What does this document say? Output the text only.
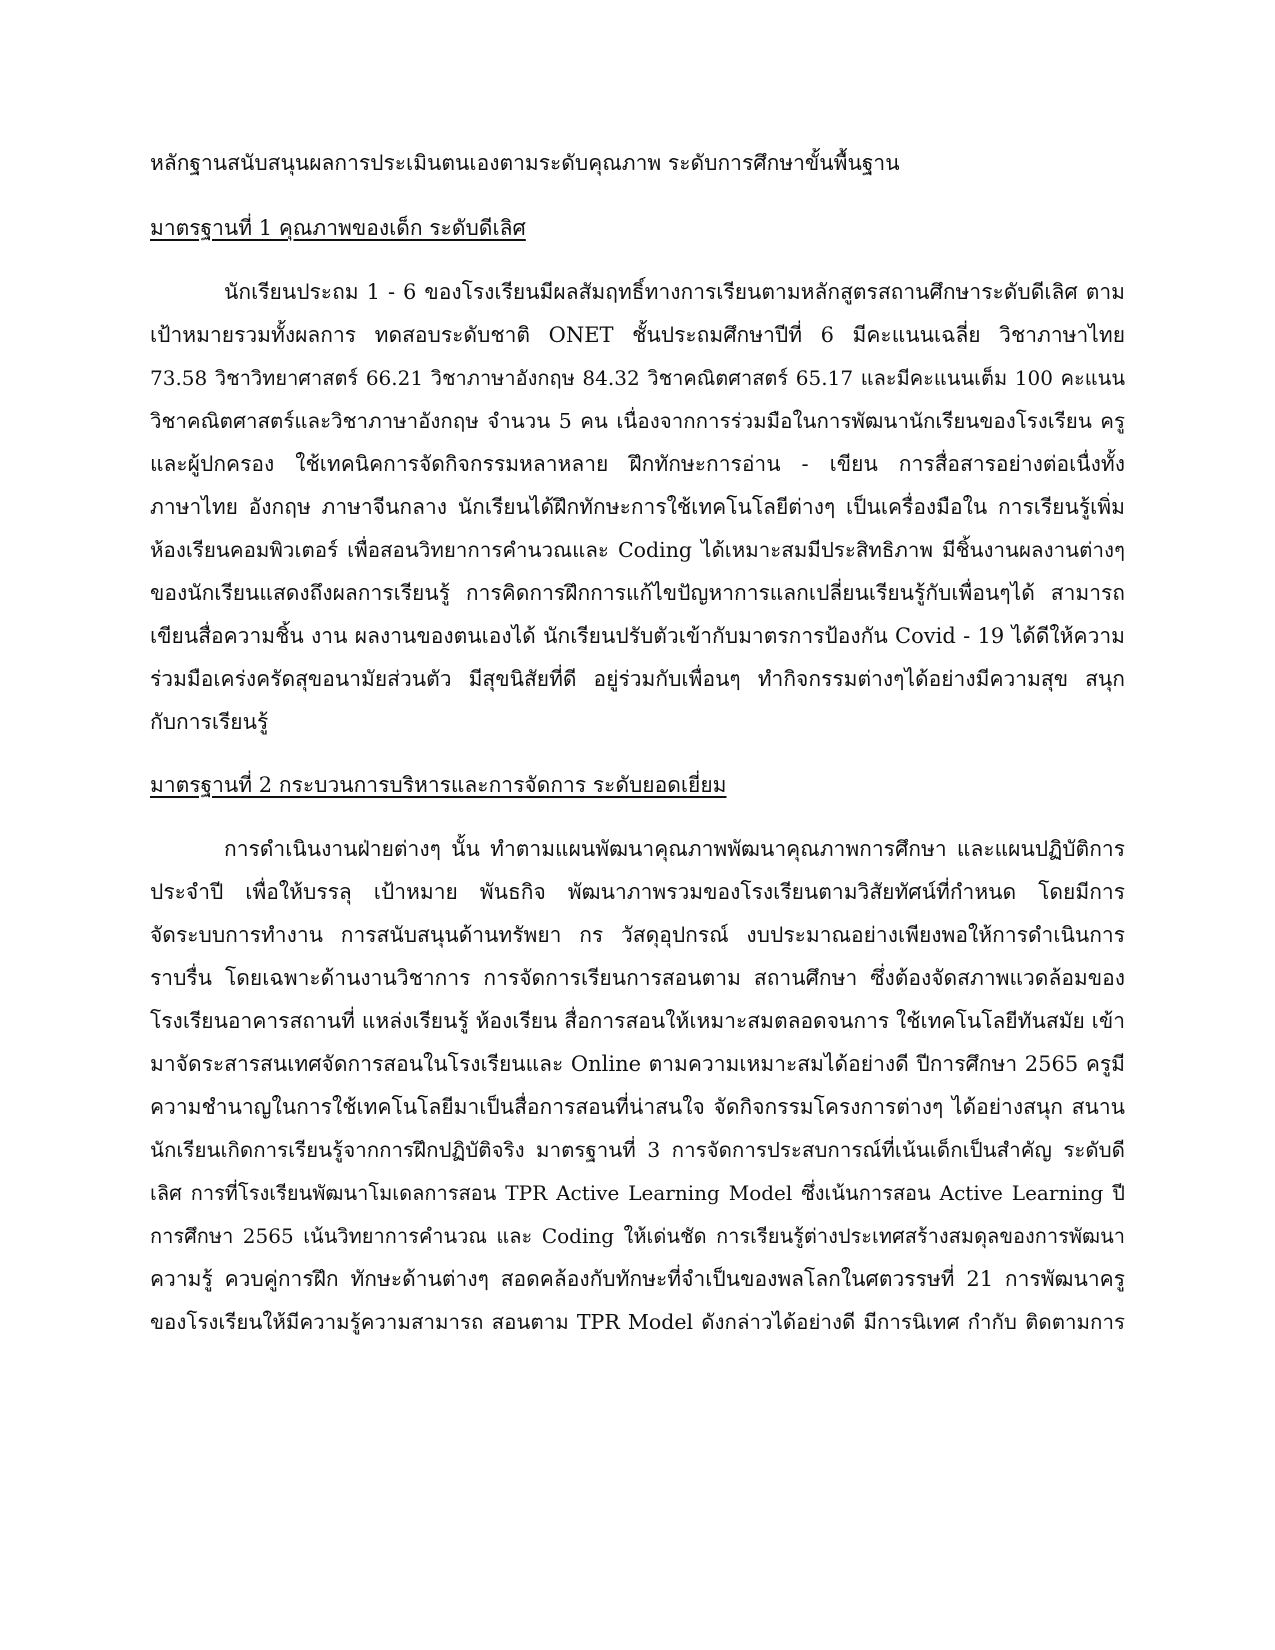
หลักฐานสนับสนุนผลการประเมินตนเองตามระดับคุณภาพ ระดับการศึกษาขั้นพื้นฐาน
มาตรฐานที่ 1 คุณภาพของเด็ก ระดับดีเลิศ
นักเรียนประถม 1 - 6 ของโรงเรียนมีผลสัมฤทธิ์ทางการเรียนตามหลักสูตรสถานศึกษาระดับดีเลิศ ตาม
เป้าหมายรวมทั้งผลการ ทดสอบระดับชาติ ONET ชั้นประถมศึกษาปีที่ 6 มีคะแนนเฉลี่ย วิชาภาษาไทย
73.58 วิชาวิทยาศาสตร์ 66.21 วิชาภาษาอังกฤษ 84.32 วิชาคณิตศาสตร์ 65.17 และมีคะแนนเต็ม 100 คะแนน
วิชาคณิตศาสตร์และวิชาภาษาอังกฤษ จำนวน 5 คน เนื่องจากการร่วมมือในการพัฒนานักเรียนของโรงเรียน ครู
และผู้ปกครอง ใช้เทคนิคการจัดกิจกรรมหลาหลาย ฝึกทักษะการอ่าน - เขียน การสื่อสารอย่างต่อเนื่งทั้ง
ภาษาไทย อังกฤษ ภาษาจีนกลาง นักเรียนได้ฝึกทักษะการใช้เทคโนโลยีต่างๆ เป็นเครื่องมือใน การเรียนรู้เพิ่ม
ห้องเรียนคอมพิวเตอร์ เพื่อสอนวิทยาการคำนวณและ Coding ได้เหมาะสมมีประสิทธิภาพ มีชิ้นงานผลงานต่างๆ
ของนักเรียนแสดงถึงผลการเรียนรู้ การคิดการฝึกการแก้ไขปัญหาการแลกเปลี่ยนเรียนรู้กับเพื่อนๆได้ สามารถ
เขียนสื่อความชิ้น งาน ผลงานของตนเองได้ นักเรียนปรับตัวเข้ากับมาตรการป้องกัน Covid - 19 ได้ดีให้ความ
ร่วมมือเคร่งครัดสุขอนามัยส่วนตัว มีสุขนิสัยที่ดี อยู่ร่วมกับเพื่อนๆ ทำกิจกรรมต่างๆได้อย่างมีความสุข สนุก
กับการเรียนรู้
มาตรฐานที่ 2 กระบวนการบริหารและการจัดการ ระดับยอดเยี่ยม
การดำเนินงานฝ่ายต่างๆ นั้น ทำตามแผนพัฒนาคุณภาพพัฒนาคุณภาพการศึกษา และแผนปฏิบัติการ
ประจำปี เพื่อให้บรรลุ เป้าหมาย พันธกิจ พัฒนาภาพรวมของโรงเรียนตามวิสัยทัศน์ที่กำหนด โดยมีการ
จัดระบบการทำงาน การสนับสนุนด้านทรัพยา กร วัสดุอุปกรณ์ งบประมาณอย่างเพียงพอให้การดำเนินการ
ราบรื่น โดยเฉพาะด้านงานวิชาการ การจัดการเรียนการสอนตาม สถานศึกษา ซึ่งต้องจัดสภาพแวดล้อมของ
โรงเรียนอาคารสถานที่ แหล่งเรียนรู้ ห้องเรียน สื่อการสอนให้เหมาะสมตลอดจนการ ใช้เทคโนโลยีทันสมัย เข้า
มาจัดระสารสนเทศจัดการสอนในโรงเรียนและ Online ตามความเหมาะสมได้อย่างดี ปีการศึกษา 2565 ครูมี
ความชำนาญในการใช้เทคโนโลยีมาเป็นสื่อการสอนที่น่าสนใจ จัดกิจกรรมโครงการต่างๆ ได้อย่างสนุก สนาน
นักเรียนเกิดการเรียนรู้จากการฝึกปฏิบัติจริง มาตรฐานที่ 3 การจัดการประสบการณ์ที่เน้นเด็กเป็นสำคัญ ระดับดี
เลิศ การที่โรงเรียนพัฒนาโมเดลการสอน TPR Active Learning Model ซึ่งเน้นการสอน Active Learning ปี
การศึกษา 2565 เน้นวิทยาการคำนวณ และ Coding ให้เด่นชัด การเรียนรู้ต่างประเทศสร้างสมดุลของการพัฒนา
ความรู้ ควบคู่การฝึก ทักษะด้านต่างๆ สอดคล้องกับทักษะที่จำเป็นของพลโลกในศตวรรษที่ 21 การพัฒนาครู
ของโรงเรียนให้มีความรู้ความสามารถ สอนตาม TPR Model ดังกล่าวได้อย่างดี มีการนิเทศ กำกับ ติดตามการ
